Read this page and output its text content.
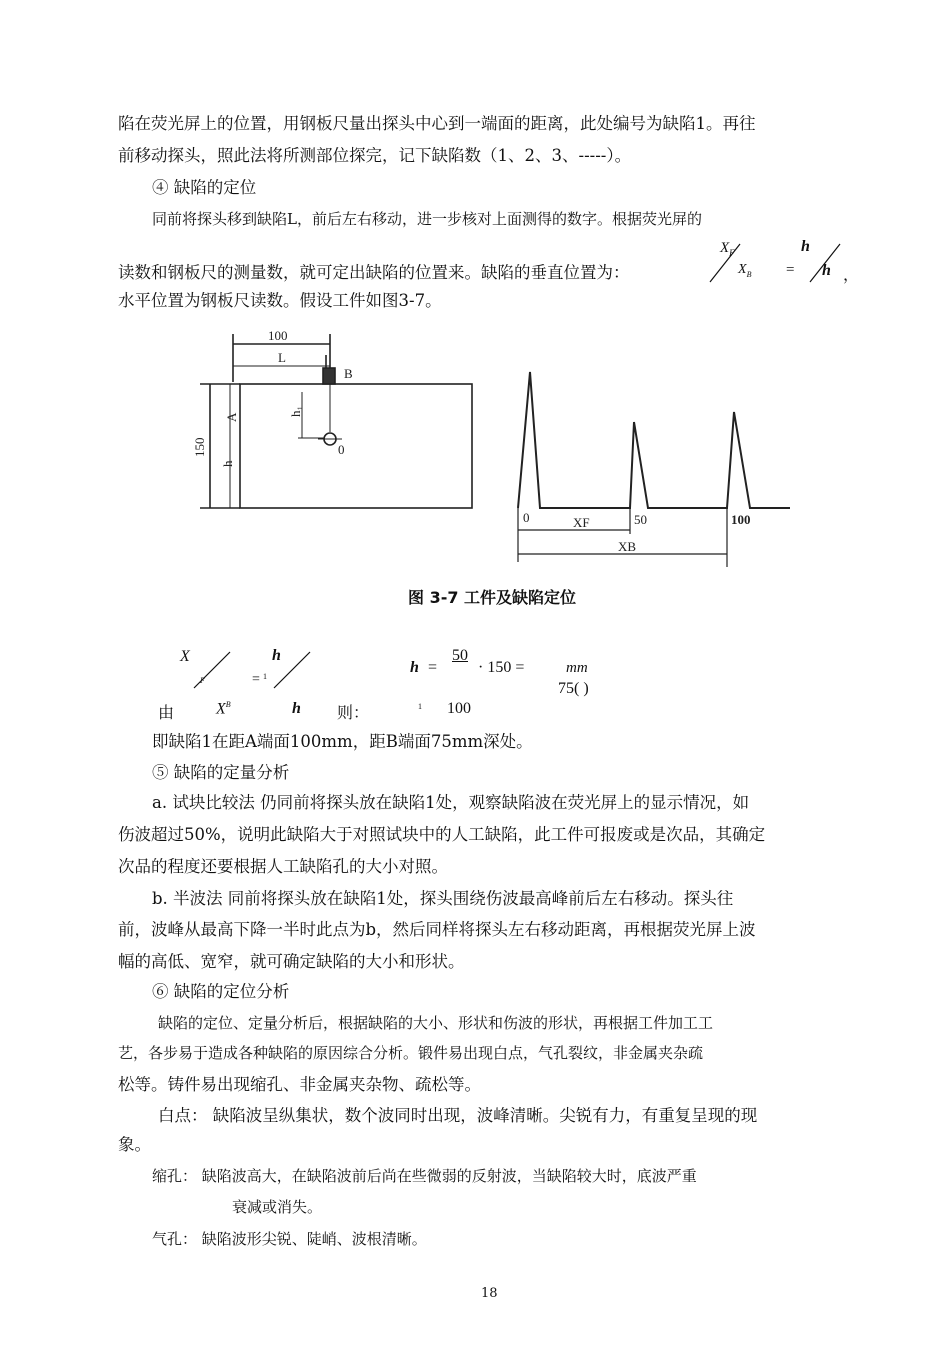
陷在荧光屏上的位置，用钢板尺量出探头中心到一端面的距离，此处编号为缺陷1。再往
前移动探头，照此法将所测部位探完，记下缺陷数（1、2、3、-----）。
④ 缺陷的定位
同前将探头移到缺陷L，前后左右移动，进一步核对上面测得的数字。根据荧光屏的
读数和钢板尺的测量数，就可定出缺陷的位置来。缺陷的垂直位置为：
$X_F$
$X_B$ =
h
h ，
水平位置为钢板尺读数。假设工件如图3-7。
100
L
B
A
h₁
150
h
0
0	50	100
XF
XB
图 3-7 工件及缺陷定位
X
F	= 1
h
h =
50
· 150 =	mm
75( )
由	$X^B$	h 则：	1 100
即缺陷1在距A端面100mm，距B端面75mm深处。
⑤ 缺陷的定量分析
a. 试块比较法 仍同前将探头放在缺陷1处，观察缺陷波在荧光屏上的显示情况，如
伤波超过50%，说明此缺陷大于对照试块中的人工缺陷，此工件可报废或是次品，其确定
次品的程度还要根据人工缺陷孔的大小对照。
b. 半波法 同前将探头放在缺陷1处，探头围绕伤波最高峰前后左右移动。探头往
前，波峰从最高下降一半时此点为b，然后同样将探头左右移动距离，再根据荧光屏上波
幅的高低、宽窄，就可确定缺陷的大小和形状。
⑥ 缺陷的定位分析
缺陷的定位、定量分析后，根据缺陷的大小、形状和伤波的形状，再根据工件加工工
艺，各步易于造成各种缺陷的原因综合分析。锻件易出现白点，气孔裂纹，非金属夹杂疏
松等。铸件易出现缩孔、非金属夹杂物、疏松等。
白点： 缺陷波呈纵集状，数个波同时出现，波峰清晰。尖锐有力，有重复呈现的现
象。
缩孔： 缺陷波高大，在缺陷波前后尚在些微弱的反射波，当缺陷较大时，底波严重
衰减或消失。
气孔： 缺陷波形尖锐、陡峭、波根清晰。
18
